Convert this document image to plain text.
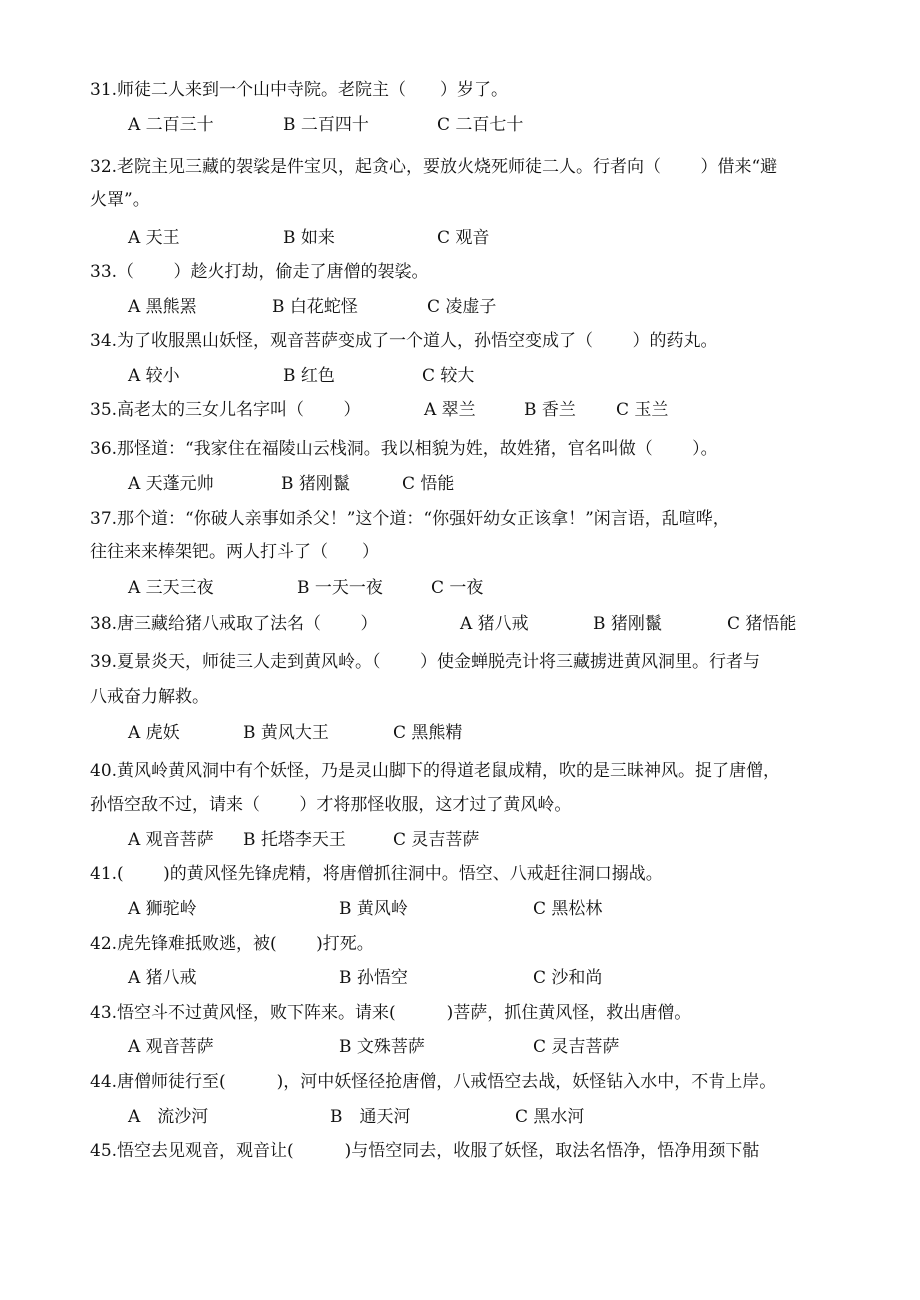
31.师徒二人来到一个山中寺院。老院主（　　）岁了。
A 二百三十	B 二百四十	C 二百七十
32.老院主见三藏的袈裟是件宝贝，起贪心，要放火烧死师徒二人。行者向（　　 ）借来“避
火罩”。
A 天王	B 如来	C 观音
33.（　　 ）趁火打劫，偷走了唐僧的袈裟。
A 黑熊罴	B 白花蛇怪	C 凌虚子
34.为了收服黑山妖怪，观音菩萨变成了一个道人，孙悟空变成了（　　 ）的药丸。
A 较小	B 红色	C 较大
35.高老太的三女儿名字叫（　　 ）	A 翠兰	B 香兰 C 玉兰
36.那怪道：“我家住在福陵山云栈洞。我以相貌为姓，故姓猪，官名叫做（　　 ）。
A 天蓬元帅	B 猪刚鬣	C 悟能
37.那个道：“你破人亲事如杀父！”这个道：“你强奸幼女正该拿！”闲言语，乱喧哗，
往往来来棒架钯。两人打斗了（　　）
A 三天三夜	B 一天一夜	C 一夜
38.唐三藏给猪八戒取了法名（　　 ）	A 猪八戒	B 猪刚鬣	C 猪悟能
39.夏景炎天，师徒三人走到黄风岭。（　　 ）使金蝉脱壳计将三藏掳进黄风洞里。行者与
八戒奋力解救。
A 虎妖	B 黄风大王	C 黑熊精
40.黄风岭黄风洞中有个妖怪，乃是灵山脚下的得道老鼠成精，吹的是三昧神风。捉了唐僧，
孙悟空敌不过，请来（　　 ）才将那怪收服，这才过了黄风岭。
A 观音菩萨 B 托塔李天王	C 灵吉菩萨
41.(　　 )的黄风怪先锋虎精，将唐僧抓往洞中。悟空、八戒赶往洞口搦战。
A 狮驼岭	B 黄风岭	C 黑松林
42.虎先锋难抵败逃，被(　　 )打死。
A 猪八戒	B 孙悟空	C 沙和尚
43.悟空斗不过黄风怪，败下阵来。请来(　　　)菩萨，抓住黄风怪，救出唐僧。
A 观音菩萨	B 文殊菩萨	C 灵吉菩萨
44.唐僧师徒行至(　　　)，河中妖怪径抢唐僧，八戒悟空去战，妖怪钻入水中，不肯上岸。
A　流沙河	B　通天河	C 黑水河
45.悟空去见观音，观音让(　　　)与悟空同去，收服了妖怪，取法名悟净，悟净用颈下骷
